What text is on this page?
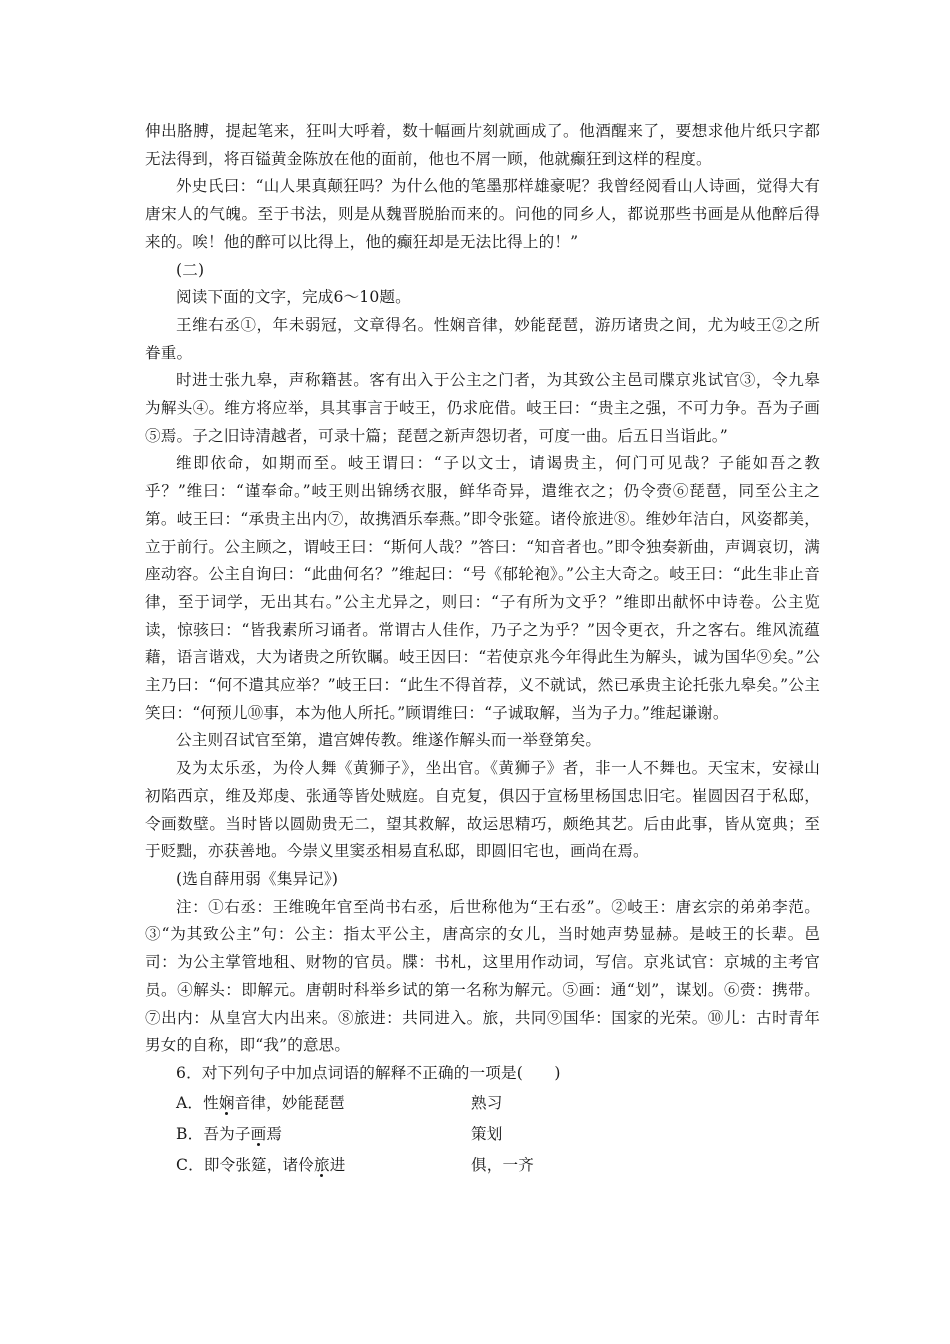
伸出胳膊，提起笔来，狂叫大呼着，数十幅画片刻就画成了。他酒醒来了，要想求他片纸只字都无法得到，将百镒黄金陈放在他的面前，他也不屑一顾，他就癫狂到这样的程度。

外史氏曰：“山人果真颠狂吗？为什么他的笔墨那样雄豪呢？我曾经阅看山人诗画，觉得大有唐宋人的气魄。至于书法，则是从魏晋脱胎而来的。问他的同乡人，都说那些书画是从他醉后得来的。唉！他的醉可以比得上，他的癫狂却是无法比得上的！”

(二)

阅读下面的文字，完成6～10题。

王维右丞①，年未弱冠，文章得名。性娴音律，妙能琵琶，游历诸贵之间，尤为岐王②之所眷重。

时进士张九皋，声称籍甚。客有出入于公主之门者，为其致公主邑司牒京兆试官③，令九皋为解头④。维方将应举，具其事言于岐王，仍求庇借。岐王曰：“贵主之强，不可力争。吾为子画⑤焉。子之旧诗清越者，可录十篇；琵琶之新声怨切者，可度一曲。后五日当诣此。”

维即依命，如期而至。岐王谓曰：“子以文士，请谒贵主，何门可见哉？子能如吾之教乎？”维曰：“谨奉命。”岐王则出锦绣衣服，鲜华奇异，遣维衣之；仍令赍⑥琵琶，同至公主之第。岐王曰：“承贵主出内⑦，故携酒乐奉燕。”即令张筵。诸伶旅进⑧。维妙年洁白，风姿都美，立于前行。公主顾之，谓岐王曰：“斯何人哉？”答曰：“知音者也。”即令独奏新曲，声调哀切，满座动容。公主自询曰：“此曲何名？”维起曰：“号《郁轮袍》。”公主大奇之。岐王曰：“此生非止音律，至于词学，无出其右。”公主尤异之，则曰：“子有所为文乎？”维即出献怀中诗卷。公主览读，惊骇曰：“皆我素所习诵者。常谓古人佳作，乃子之为乎？”因令更衣，升之客右。维风流蕴藉，语言谐戏，大为诸贵之所钦瞩。岐王因曰：“若使京兆今年得此生为解头，诚为国华⑨矣。”公主乃曰：“何不遣其应举？”岐王曰：“此生不得首荐，义不就试，然已承贵主论托张九皋矣。”公主笑曰：“何预儿⑩事，本为他人所托。”顾谓维曰：“子诚取解，当为子力。”维起谦谢。

公主则召试官至第，遣宫婢传教。维遂作解头而一举登第矣。

及为太乐丞，为伶人舞《黄狮子》，坐出官。《黄狮子》者，非一人不舞也。天宝末，安禄山初陷西京，维及郑虔、张通等皆处贼庭。自克复，俱囚于宣杨里杨国忠旧宅。崔圆因召于私邸，令画数壁。当时皆以圆勋贵无二，望其救解，故运思精巧，颇绝其艺。后由此事，皆从宽典；至于贬黜，亦获善地。今崇义里窦丞相易直私邸，即圆旧宅也，画尚在焉。

(选自薛用弱《集异记》)

注：①右丞：王维晚年官至尚书右丞，后世称他为“王右丞”。②岐王：唐玄宗的弟弟李范。③“为其致公主”句：公主：指太平公主，唐高宗的女儿，当时她声势显赫。是岐王的长辈。邑司：为公主掌管地租、财物的官员。牒：书札，这里用作动词，写信。京兆试官：京城的主考官员。④解头：即解元。唐朝时科举乡试的第一名称为解元。⑤画：通“划”，谋划。⑥赍：携带。⑦出内：从皇宫大内出来。⑧旅进：共同进入。旅，共同⑨国华：国家的光荣。⑩儿：古时青年男女的自称，即“我”的意思。

6．对下列句子中加点词语的解释不正确的一项是(　　)

A．性娴音律，妙能琵琶	熟习
B．吾为子画焉	策划
C．即令张筵，诸伶旅进	俱，一齐
